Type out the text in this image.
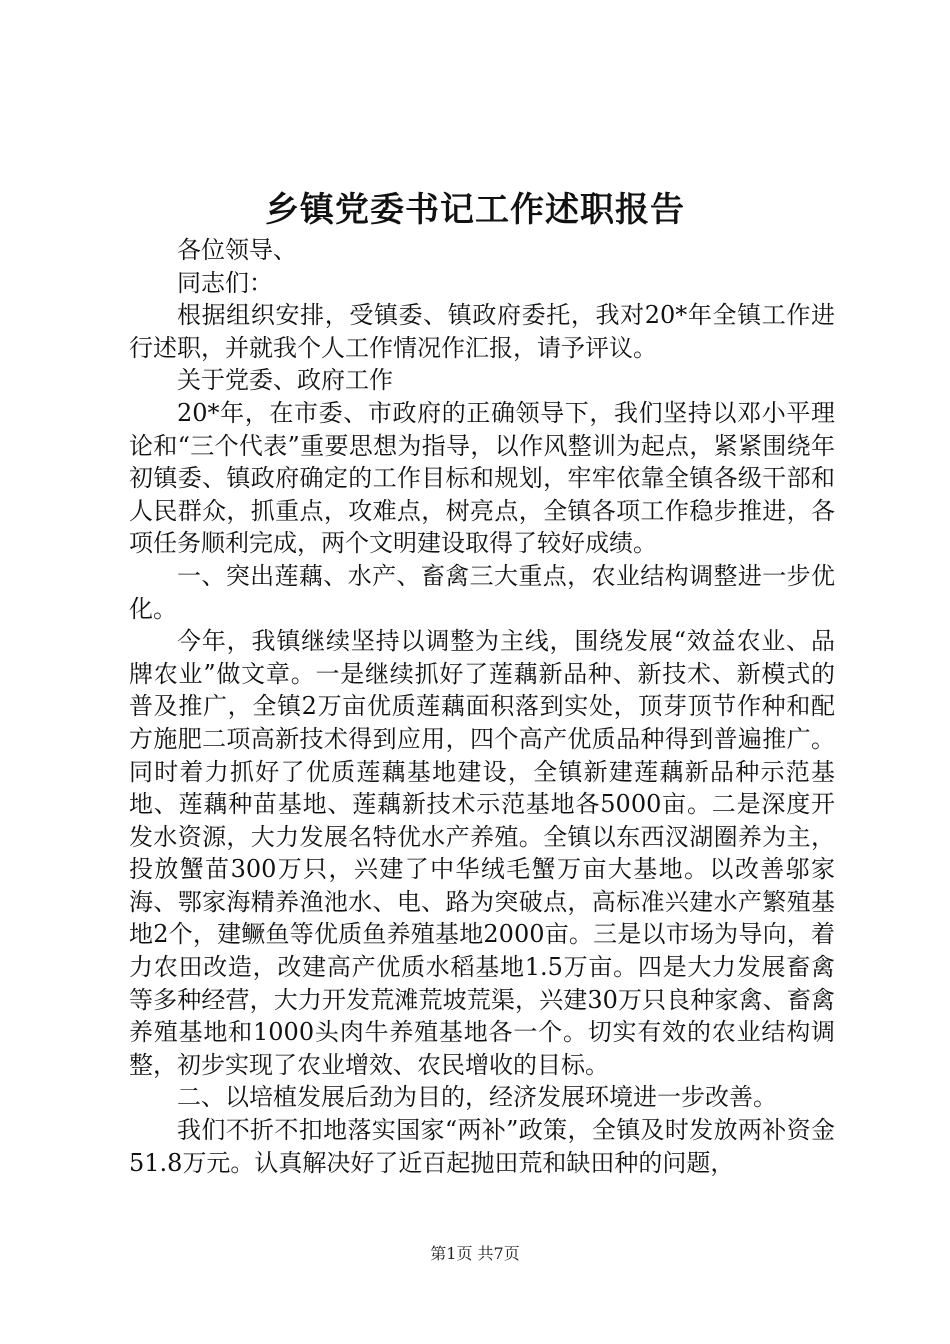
乡镇党委书记工作述职报告

各位领导、

同志们：

根据组织安排，受镇委、镇政府委托，我对20*年全镇工作进行述职，并就我个人工作情况作汇报，请予评议。

关于党委、政府工作

20*年，在市委、市政府的正确领导下，我们坚持以邓小平理论和“三个代表”重要思想为指导，以作风整训为起点，紧紧围绕年初镇委、镇政府确定的工作目标和规划，牢牢依靠全镇各级干部和人民群众，抓重点，攻难点，树亮点，全镇各项工作稳步推进，各项任务顺利完成，两个文明建设取得了较好成绩。

一、突出莲藕、水产、畜禽三大重点，农业结构调整进一步优化。

今年，我镇继续坚持以调整为主线，围绕发展“效益农业、品牌农业”做文章。一是继续抓好了莲藕新品种、新技术、新模式的普及推广，全镇2万亩优质莲藕面积落到实处，顶芽顶节作种和配方施肥二项高新技术得到应用，四个高产优质品种得到普遍推广。同时着力抓好了优质莲藕基地建设，全镇新建莲藕新品种示范基地、莲藕种苗基地、莲藕新技术示范基地各5000亩。二是深度开发水资源，大力发展名特优水产养殖。全镇以东西汊湖圈养为主，投放蟹苗300万只，兴建了中华绒毛蟹万亩大基地。以改善邬家海、鄂家海精养渔池水、电、路为突破点，高标准兴建水产繁殖基地2个，建鳜鱼等优质鱼养殖基地2000亩。三是以市场为导向，着力农田改造，改建高产优质水稻基地1.5万亩。四是大力发展畜禽等多种经营，大力开发荒滩荒坡荒渠，兴建30万只良种家禽、畜禽养殖基地和1000头肉牛养殖基地各一个。切实有效的农业结构调整，初步实现了农业增效、农民增收的目标。

二、以培植发展后劲为目的，经济发展环境进一步改善。

我们不折不扣地落实国家“两补”政策，全镇及时发放两补资金51.8万元。认真解决好了近百起抛田荒和缺田种的问题，

第1页 共7页
